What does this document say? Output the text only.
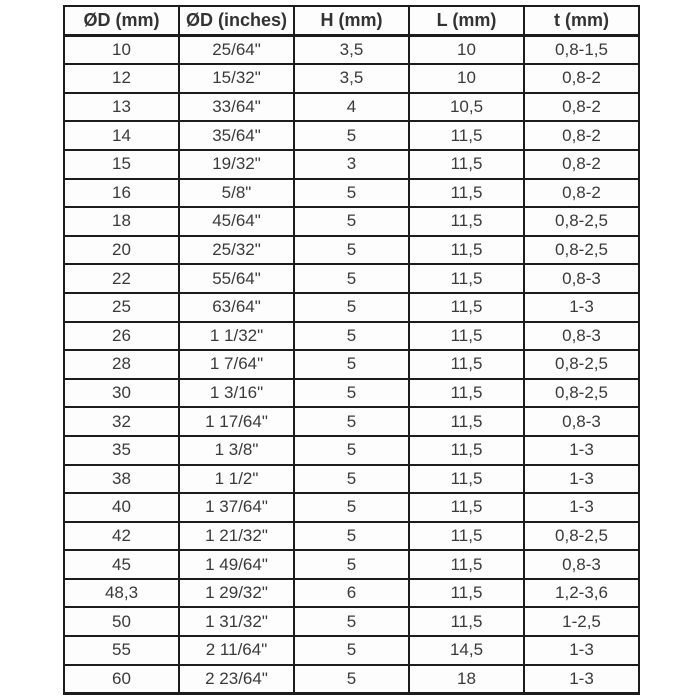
ØD (mm)	ØD (inches)	H (mm)	L (mm)	t (mm)
10	25/64"	3,5	10	0,8-1,5
12	15/32"	3,5	10	0,8-2
13	33/64"	4	10,5	0,8-2
14	35/64"	5	11,5	0,8-2
15	19/32"	3	11,5	0,8-2
16	5/8"	5	11,5	0,8-2
18	45/64"	5	11,5	0,8-2,5
20	25/32"	5	11,5	0,8-2,5
22	55/64"	5	11,5	0,8-3
25	63/64"	5	11,5	1-3
26	1 1/32"	5	11,5	0,8-3
28	1 7/64"	5	11,5	0,8-2,5
30	1 3/16"	5	11,5	0,8-2,5
32	1 17/64"	5	11,5	0,8-3
35	1 3/8"	5	11,5	1-3
38	1 1/2"	5	11,5	1-3
40	1 37/64"	5	11,5	1-3
42	1 21/32"	5	11,5	0,8-2,5
45	1 49/64"	5	11,5	0,8-3
48,3	1 29/32"	6	11,5	1,2-3,6
50	1 31/32"	5	11,5	1-2,5
55	2 11/64"	5	14,5	1-3
60	2 23/64"	5	18	1-3
